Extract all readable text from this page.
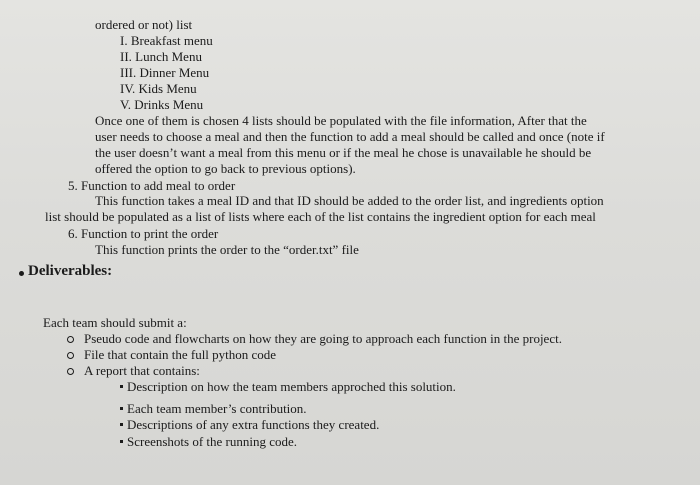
ordered or not) list
I. Breakfast menu
II. Lunch Menu
III. Dinner Menu
IV. Kids Menu
V. Drinks Menu
Once one of them is chosen 4 lists should be populated with the file information, After that the
user needs to choose a meal and then the function to add a meal should be called and once (note if
the user doesn’t want a meal from this menu or if the meal he chose is unavailable he should be
offered the option to go back to previous options).
5. Function to add meal to order
This function takes a meal ID and that ID should be added to the order list, and ingredients option
list should be populated as a list of lists where each of the list contains the ingredient option for each meal
6. Function to print the order
This function prints the order to the “order.txt” file
Deliverables:
Each team should submit a:
Pseudo code and flowcharts on how they are going to approach each function in the project.
File that contain the full python code
A report that contains:
Description on how the team members approched this solution.
Each team member’s contribution.
Descriptions of any extra functions they created.
Screenshots of the running code.
